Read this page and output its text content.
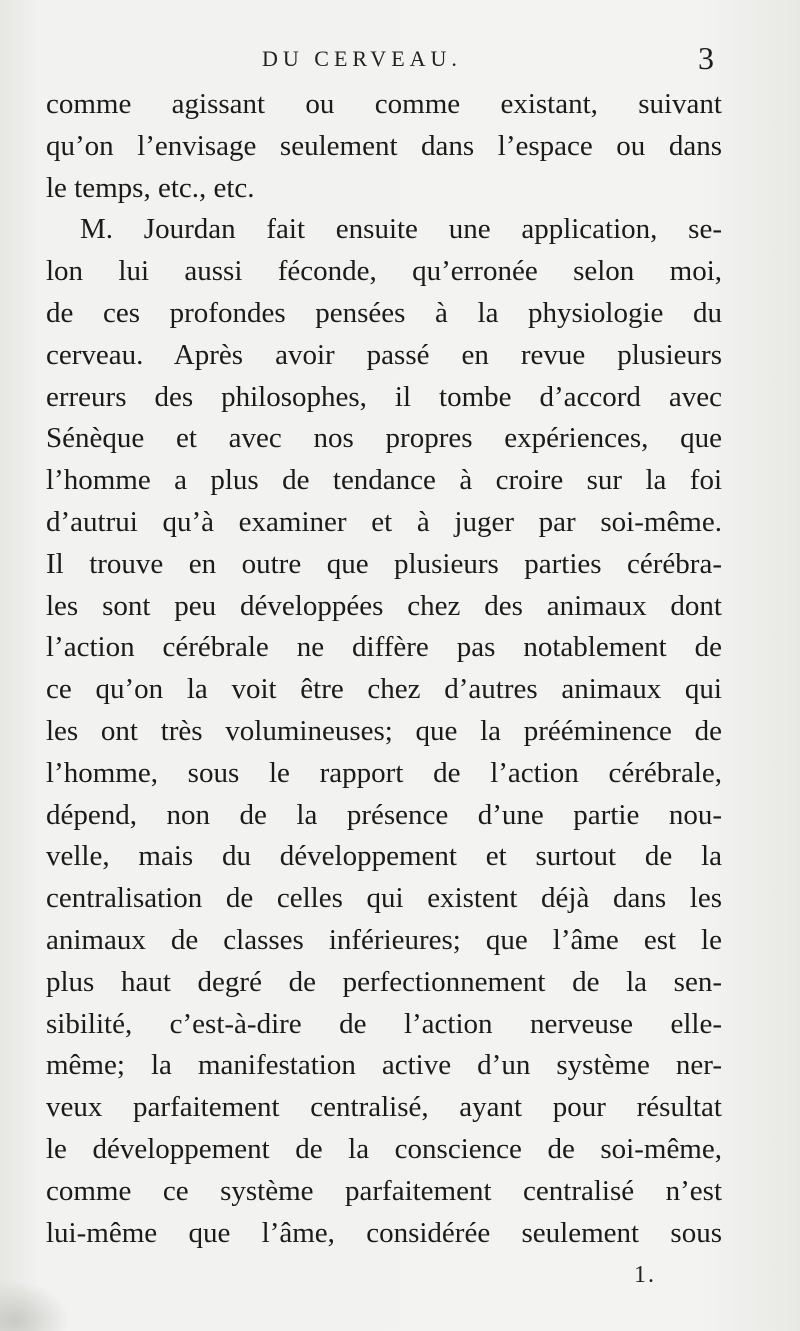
DU CERVEAU.	3
comme agissant ou comme existant, suivant
qu’on l’envisage seulement dans l’espace ou dans
le temps, etc., etc.
M. Jourdan fait ensuite une application, se-
lon lui aussi féconde, qu’erronée selon moi,
de ces profondes pensées à la physiologie du
cerveau. Après avoir passé en revue plusieurs
erreurs des philosophes, il tombe d’accord avec
Sénèque et avec nos propres expériences, que
l’homme a plus de tendance à croire sur la foi
d’autrui qu’à examiner et à juger par soi-même.
Il trouve en outre que plusieurs parties cérébra-
les sont peu développées chez des animaux dont
l’action cérébrale ne diffère pas notablement de
ce qu’on la voit être chez d’autres animaux qui
les ont très volumineuses; que la prééminence de
l’homme, sous le rapport de l’action cérébrale,
dépend, non de la présence d’une partie nou-
velle, mais du développement et surtout de la
centralisation de celles qui existent déjà dans les
animaux de classes inférieures; que l’âme est le
plus haut degré de perfectionnement de la sen-
sibilité, c’est-à-dire de l’action nerveuse elle-
même; la manifestation active d’un système ner-
veux parfaitement centralisé, ayant pour résultat
le développement de la conscience de soi-même,
comme ce système parfaitement centralisé n’est
lui-même que l’âme, considérée seulement sous
1.
